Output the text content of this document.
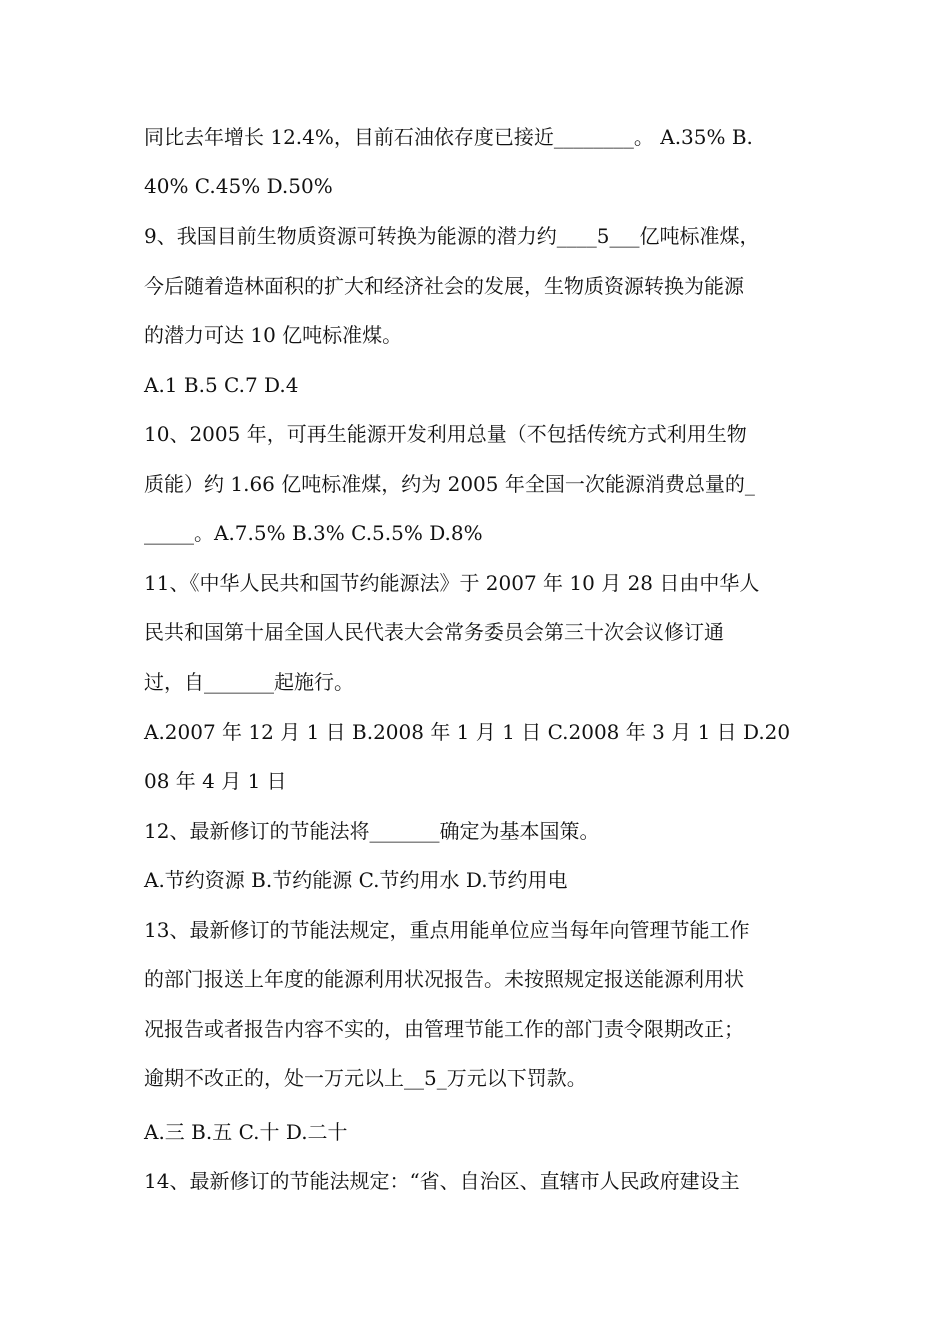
同比去年增长 12.4%，目前石油依存度已接近________。 A.35% B.
40% C.45% D.50%
9、我国目前生物质资源可转换为能源的潜力约____5___亿吨标准煤，
今后随着造林面积的扩大和经济社会的发展，生物质资源转换为能源
的潜力可达 10 亿吨标准煤。
A.1 B.5 C.7 D.4
10、2005 年，可再生能源开发利用总量（不包括传统方式利用生物
质能）约 1.66 亿吨标准煤，约为 2005 年全国一次能源消费总量的_
_____。A.7.5% B.3% C.5.5% D.8%
11、《中华人民共和国节约能源法》于 2007 年 10 月 28 日由中华人
民共和国第十届全国人民代表大会常务委员会第三十次会议修订通
过，自_______起施行。
A.2007 年 12 月 1 日 B.2008 年 1 月 1 日 C.2008 年 3 月 1 日 D.20
08 年 4 月 1 日
12、最新修订的节能法将_______确定为基本国策。
A.节约资源 B.节约能源 C.节约用水 D.节约用电
13、最新修订的节能法规定，重点用能单位应当每年向管理节能工作
的部门报送上年度的能源利用状况报告。未按照规定报送能源利用状
况报告或者报告内容不实的，由管理节能工作的部门责令限期改正；
逾期不改正的，处一万元以上__5_万元以下罚款。
A.三 B.五 C.十 D.二十
14、最新修订的节能法规定：“省、自治区、直辖市人民政府建设主
